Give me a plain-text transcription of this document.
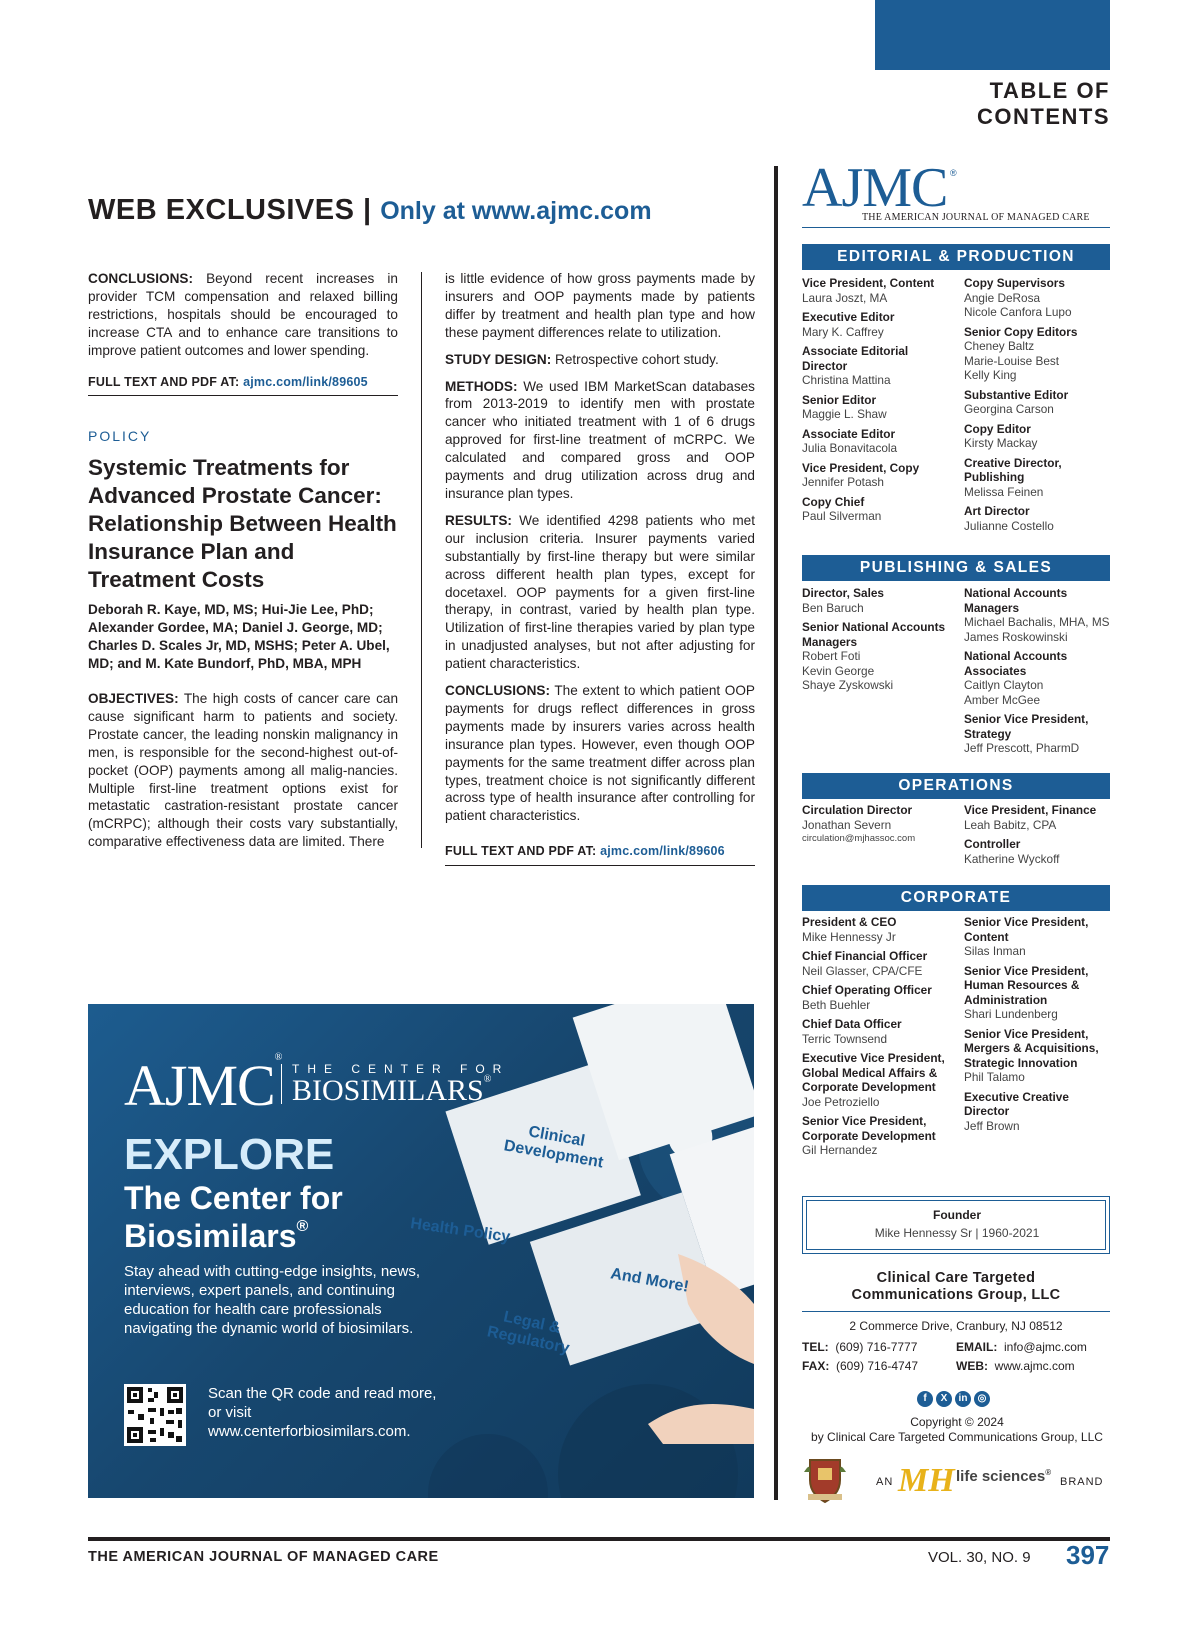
TABLE OF CONTENTS
WEB EXCLUSIVES | Only at www.ajmc.com

CONCLUSIONS: Beyond recent increases in provider TCM compensation and relaxed billing restrictions, hospitals should be encouraged to increase CTA and to enhance care transitions to improve patient outcomes and lower spending.

FULL TEXT AND PDF AT: ajmc.com/link/89605
POLICY
Systemic Treatments for Advanced Prostate Cancer: Relationship Between Health Insurance Plan and Treatment Costs
Deborah R. Kaye, MD, MS; Hui-Jie Lee, PhD; Alexander Gordee, MA; Daniel J. George, MD; Charles D. Scales Jr, MD, MSHS; Peter A. Ubel, MD; and M. Kate Bundorf, PhD, MBA, MPH

OBJECTIVES: The high costs of cancer care can cause significant harm to patients and society. Prostate cancer, the leading nonskin malignancy in men, is responsible for the second-highest out-of-pocket (OOP) payments among all malig-nancies. Multiple first-line treatment options exist for metastatic castration-resistant prostate cancer (mCRPC); although their costs vary substantially, comparative effectiveness data are limited. There

is little evidence of how gross payments made by insurers and OOP payments made by patients differ by treatment and health plan type and how these payment differences relate to utilization.

STUDY DESIGN: Retrospective cohort study.

METHODS: We used IBM MarketScan databases from 2013-2019 to identify men with prostate cancer who initiated treatment with 1 of 6 drugs approved for first-line treatment of mCRPC. We calculated and compared gross and OOP payments and drug utilization across drug and insurance plan types.

RESULTS: We identified 4298 patients who met our inclusion criteria. Insurer payments varied substantially by first-line therapy but were similar across different health plan types, except for docetaxel. OOP payments for a given first-line therapy, in contrast, varied by health plan type. Utilization of first-line therapies varied by plan type in unadjusted analyses, but not after adjusting for patient characteristics.

CONCLUSIONS: The extent to which patient OOP payments for drugs reflect differences in gross payments made by insurers varies across health insurance plan types. However, even though OOP payments for the same treatment differ across plan types, treatment choice is not significantly different across type of health insurance after controlling for patient characteristics.

FULL TEXT AND PDF AT: ajmc.com/link/89606
AJMC®
THE CENTER FOR
BIOSIMILARS®
EXPLORE
The Center for
Biosimilars®
Stay ahead with cutting-edge insights, news, interviews, expert panels, and continuing education for health care professionals navigating the dynamic world of biosimilars.
Scan the QR code and read more, or visit www.centerforbiosimilars.com.
Clinical Development
Health Policy
And More!
Legal & Regulatory
AJMC ®
THE AMERICAN JOURNAL OF MANAGED CARE
EDITORIAL & PRODUCTION
Vice President, Content
Laura Joszt, MA
Executive Editor
Mary K. Caffrey
Associate Editorial Director
Christina Mattina
Senior Editor
Maggie L. Shaw
Associate Editor
Julia Bonavitacola
Vice President, Copy
Jennifer Potash
Copy Chief
Paul Silverman
Copy Supervisors
Angie DeRosa
Nicole Canfora Lupo
Senior Copy Editors
Cheney Baltz
Marie-Louise Best
Kelly King
Substantive Editor
Georgina Carson
Copy Editor
Kirsty Mackay
Creative Director, Publishing
Melissa Feinen
Art Director
Julianne Costello
PUBLISHING & SALES
Director, Sales
Ben Baruch
Senior National Accounts Managers
Robert Foti
Kevin George
Shaye Zyskowski
National Accounts Managers
Michael Bachalis, MHA, MS
James Roskowinski
National Accounts Associates
Caitlyn Clayton
Amber McGee
Senior Vice President, Strategy
Jeff Prescott, PharmD
OPERATIONS
Circulation Director
Jonathan Severn
circulation@mjhassoc.com
Vice President, Finance
Leah Babitz, CPA
Controller
Katherine Wyckoff
CORPORATE
President & CEO
Mike Hennessy Jr
Chief Financial Officer
Neil Glasser, CPA/CFE
Chief Operating Officer
Beth Buehler
Chief Data Officer
Terric Townsend
Executive Vice President, Global Medical Affairs & Corporate Development
Joe Petroziello
Senior Vice President, Corporate Development
Gil Hernandez
Senior Vice President, Content
Silas Inman
Senior Vice President, Human Resources & Administration
Shari Lundenberg
Senior Vice President, Mergers & Acquisitions, Strategic Innovation
Phil Talamo
Executive Creative Director
Jeff Brown
Founder
Mike Hennessy Sr | 1960-2021
Clinical Care Targeted
Communications Group, LLC
2 Commerce Drive, Cranbury, NJ 08512
TEL: (609) 716-7777
FAX: (609) 716-4747
EMAIL: info@ajmc.com
WEB: www.ajmc.com
f X in ◎
Copyright © 2024
by Clinical Care Targeted Communications Group, LLC
AN MH life sciences®
BRAND
THE AMERICAN JOURNAL OF MANAGED CARE	VOL. 30, NO. 9 397
